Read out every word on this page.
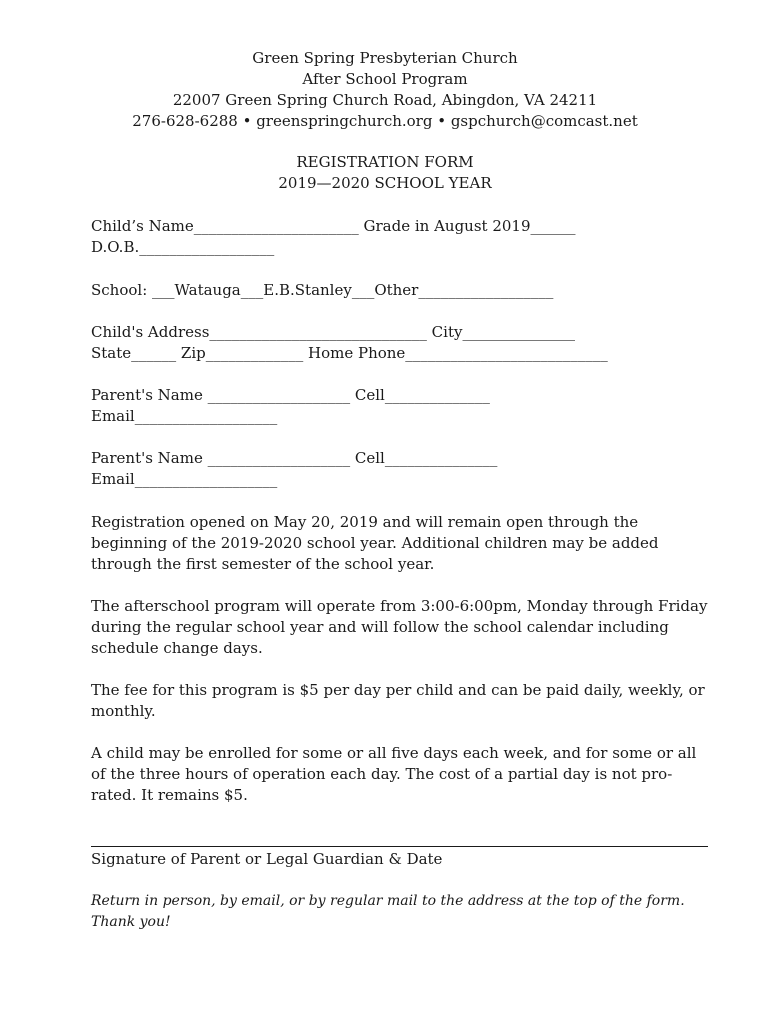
Green Spring Presbyterian Church
After School Program
22007 Green Spring Church Road, Abingdon, VA 24211
276-628-6288 • greenspringchurch.org • gspchurch@comcast.net
REGISTRATION FORM
2019—2020 SCHOOL YEAR
Child’s Name______________________ Grade in August 2019______
D.O.B.__________________
School: ___Watauga___E.B.Stanley___Other__________________
Child's Address_____________________________ City_______________
State______ Zip_____________ Home Phone___________________________
Parent's Name ___________________ Cell______________
Email___________________
Parent's Name ___________________ Cell_______________
Email___________________
Registration opened on May 20, 2019 and will remain open through the beginning of the 2019-2020 school year. Additional children may be added through the first semester of the school year.
The afterschool program will operate from 3:00-6:00pm, Monday through Friday during the regular school year and will follow the school calendar including schedule change days.
The fee for this program is $5 per day per child and can be paid daily, weekly, or monthly.
A child may be enrolled for some or all five days each week, and for some or all of the three hours of operation each day. The cost of a partial day is not pro-rated. It remains $5.
Signature of Parent or Legal Guardian & Date
Return in person, by email, or by regular mail to the address at the top of the form. Thank you!
